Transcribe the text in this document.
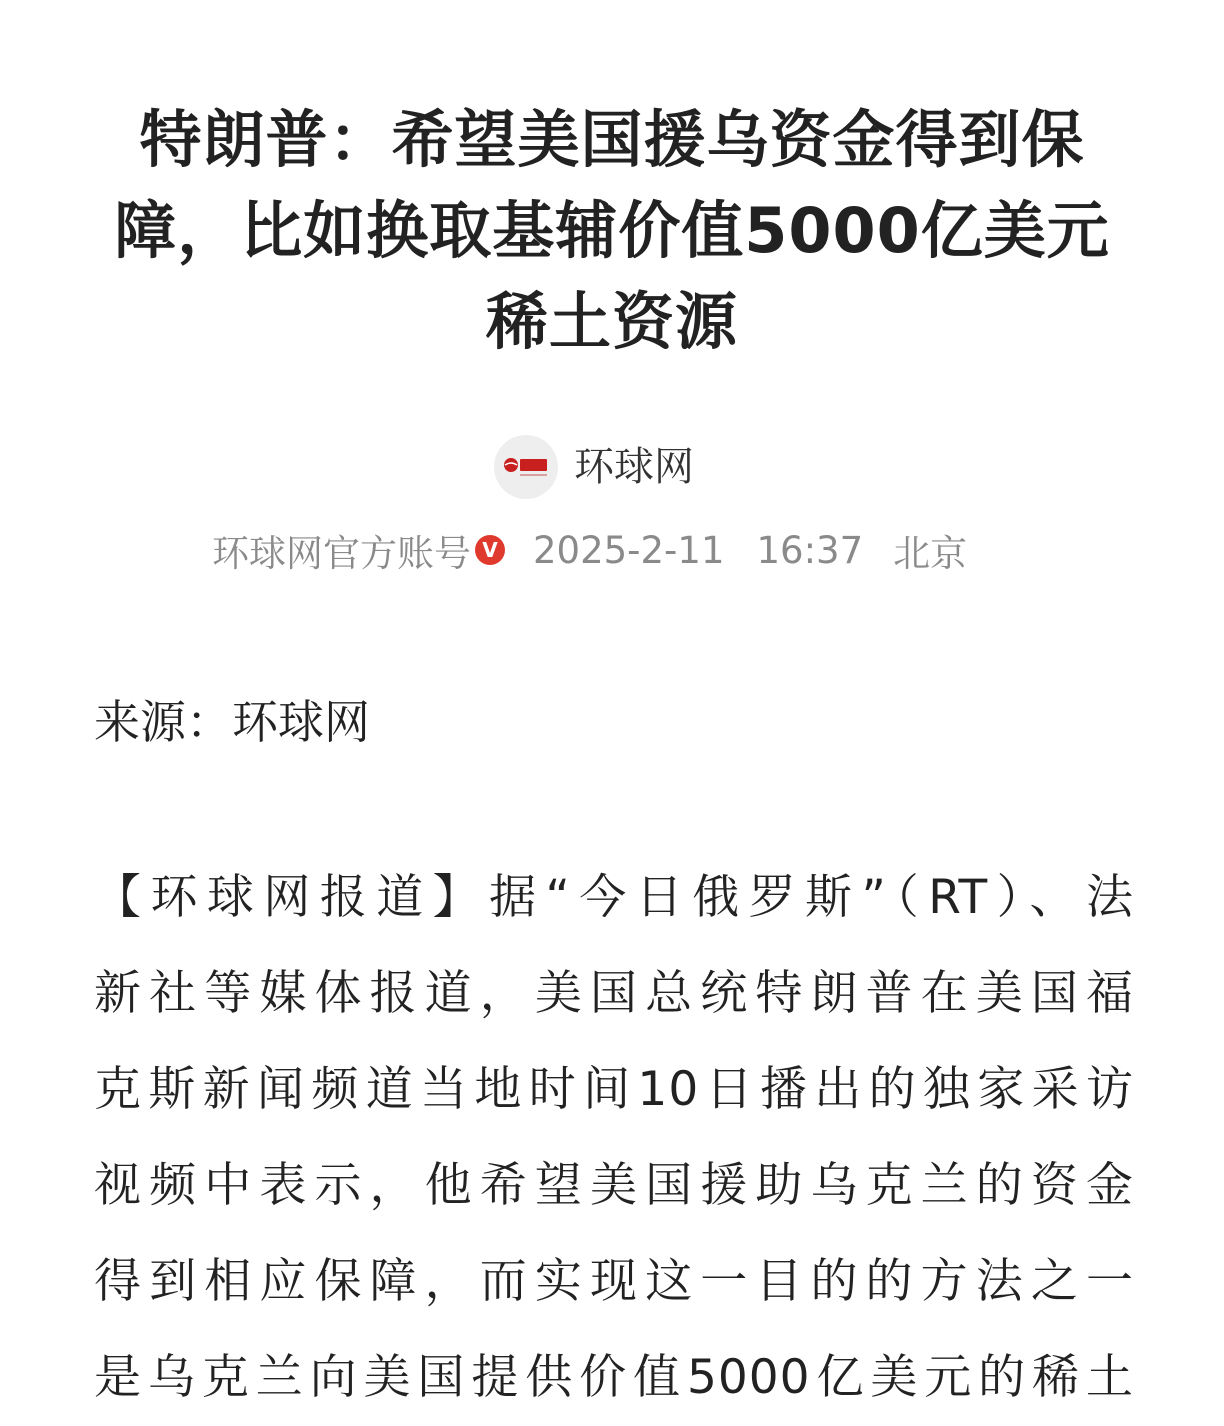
特朗普：希望美国援乌资金得到保
障，比如换取基辅价值5000亿美元
稀土资源
环球网
环球网官方账号 V 2025-2-11 16:37 北京

来源：环球网

【环球网报道】据“今日俄罗斯”（RT）、法
新社等媒体报道，美国总统特朗普在美国福
克斯新闻频道当地时间10日播出的独家采访
视频中表示，他希望美国援助乌克兰的资金
得到相应保障，而实现这一目的的方法之一
是乌克兰向美国提供价值5000亿美元的稀土
